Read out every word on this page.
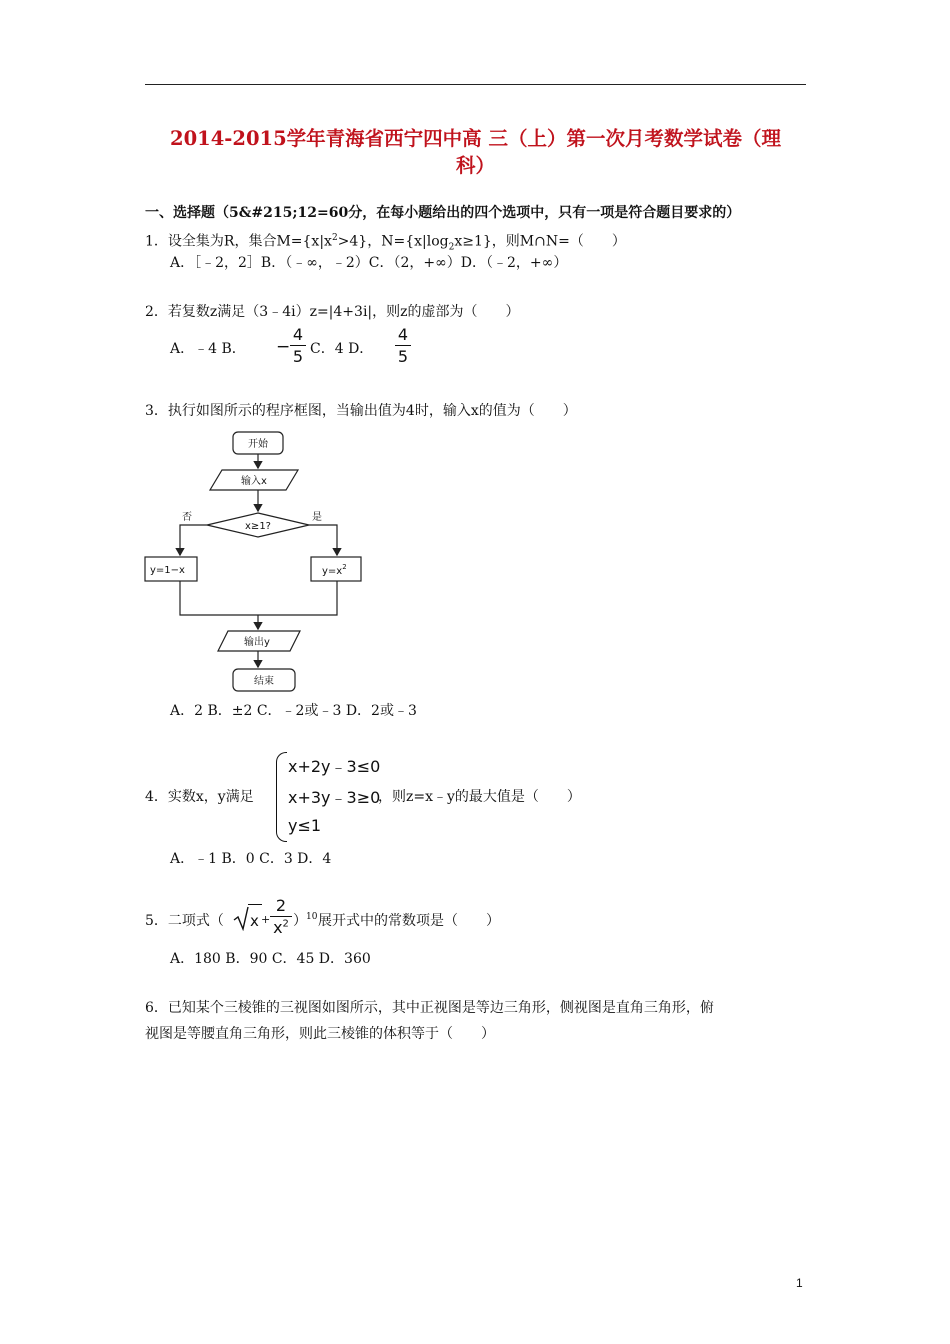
2014-2015学年青海省西宁四中高 三（上）第一次月考数学试卷（理
科）
一、选择题（5&#215;12=60分，在每小题给出的四个选项中，只有一项是符合题目要求的）
1．设全集为R，集合$M=\{x|x^2>4\}$，$N=\{x|\log_2x\ge 1\}$，则M∩N=（　　）
A．［﹣2，2］B．（﹣∞，﹣2）C．（2，+∞）D．（﹣2，+∞）
2．若复数z满足（3﹣4i）z=|4+3i|，则z的虚部为（　　）
A．﹣4 B． −
4
5 C．4 D．
4
5
3．执行如图所示的程序框图，当输出值为4时，输入x的值为（　　）
开始
输入x
x≥1?
否	是
y=1−x	$y=x^2$
输出y
结束
A．2 B．±2 C．﹣2或﹣3 D．2或﹣3
4．实数x，y满足
x+2y﹣3≤0
x+3y﹣3≥0
y≤1
，则z=x﹣y的最大值是（　　）
A．﹣1 B．0 C．3 D．4
5．二项式（ x +
2
$x^2$ ） 10 展开式中的常数项是（　　）
A．180 B．90 C．45 D．360
6．已知某个三棱锥的三视图如图所示，其中正视图是等边三角形，侧视图是直角三角形，俯
视图是等腰直角三角形，则此三棱锥的体积等于（　　）
1
